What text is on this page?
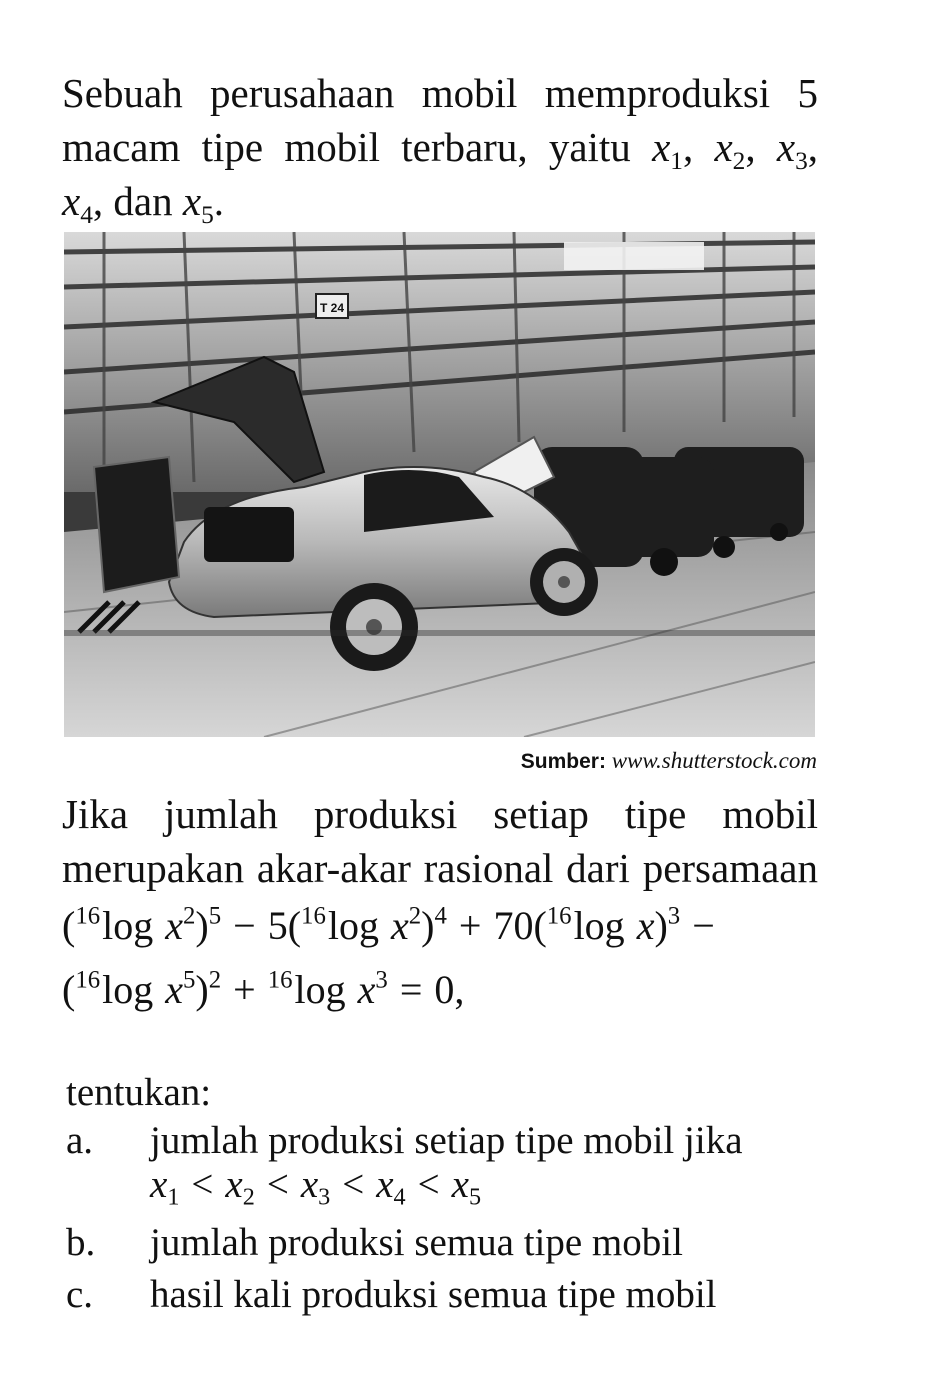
Sebuah perusahaan mobil memproduksi 5
macam tipe mobil terbaru, yaitu $x_1$, $x_2$, $x_3$,
$x_4$, dan $x_5$.
T 24
Sumber: www.shutterstock.com
Jika jumlah produksi setiap tipe mobil
merupakan akar-akar rasional dari persamaan
($^{16}$log $x^2)^5 - 5(^{16}\log$ $x^2)^4 + 70(^{16}\log$ x)$^3$ −
($^{16}$log $x^5)^2 + ^{16}\log$ $x^3 = 0$,
tentukan:
a. jumlah produksi setiap tipe mobil jika
$x_1 < x_2 < x_3 < x_4 < x_5$
b. jumlah produksi semua tipe mobil
c. hasil kali produksi semua tipe mobil
